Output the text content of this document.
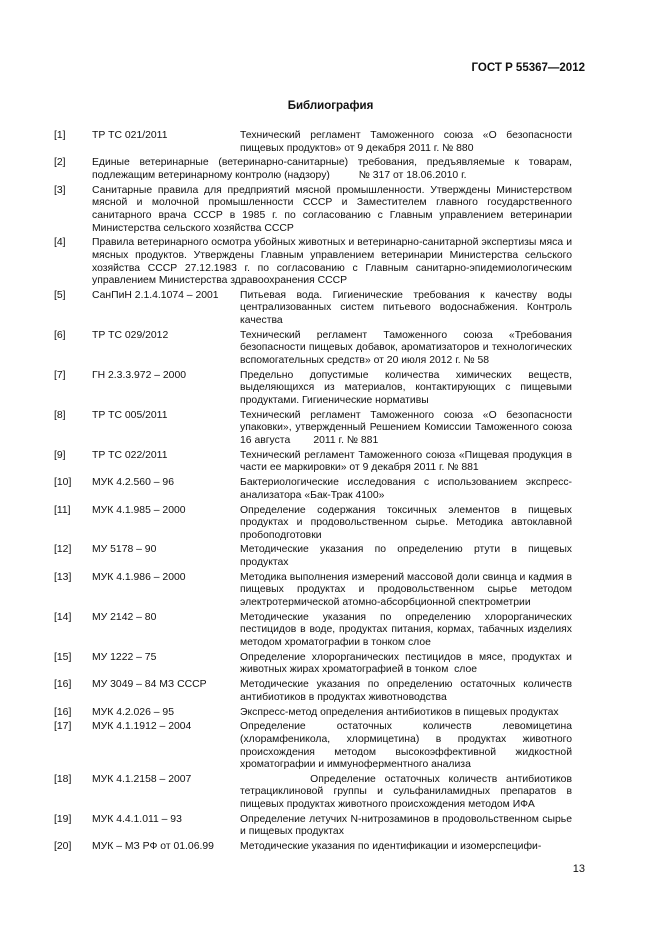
ГОСТ Р 55367—2012
Библиография
[1]	ТР ТС 021/2011	Технический регламент Таможенного союза «О безопасности пищевых продуктов» от 9 декабря 2011 г. № 880
[2]	Единые ветеринарные (ветеринарно-санитарные) требования, предъявляемые к товарам, подлежащим ветеринарному контролю (надзору)          № 317 от 18.06.2010 г.
[3]	Санитарные правила для предприятий мясной промышленности. Утверждены Министерством мясной и молочной промышленности СССР и Заместителем главного государственного санитарного врача СССР в 1985 г. по согласованию с Главным управлением ветеринарии Министерства сельского хозяйства СССР
[4]	Правила ветеринарного осмотра убойных животных и ветеринарно-санитарной экспертизы мяса и мясных продуктов. Утверждены Главным управлением ветеринарии Министерства сельского хозяйства СССР 27.12.1983 г. по согласованию с Главным санитарно-эпидемиологическим управлением Министерства здравоохранения СССР
[5]	СанПиН 2.1.4.1074 – 2001	Питьевая вода. Гигиенические требования к качеству воды централизованных систем питьевого водоснабжения. Контроль качества
[6]	ТР ТС 029/2012	Технический регламент Таможенного союза «Требования безопасности пищевых добавок, ароматизаторов и технологических вспомогательных средств» от 20 июля 2012 г. № 58
[7]	ГН 2.3.3.972 – 2000	Предельно допустимые количества химических веществ, выделяющихся из материалов, контактирующих с пищевыми продуктами. Гигиенические нормативы
[8]	ТР ТС 005/2011	Технический регламент Таможенного союза «О безопасности упаковки», утвержденный Решением Комиссии Таможенного союза 16 августа        2011 г. № 881
[9]	ТР ТС 022/2011	Технический регламент Таможенного союза «Пищевая продукция в части ее маркировки» от 9 декабря 2011 г. № 881
[10]	МУК 4.2.560 – 96	Бактериологические исследования с использованием экспресс-анализатора «Бак-Трак 4100»
[11]	МУК 4.1.985 – 2000	Определение содержания токсичных элементов в пищевых продуктах и продовольственном сырье. Методика автоклавной пробоподготовки
[12]	МУ 5178 – 90	Методические указания по определению ртути в пищевых продуктах
[13]	МУК 4.1.986 – 2000	Методика выполнения измерений массовой доли свинца и кадмия в пищевых продуктах и продовольственном сырье методом электротермической атомно-абсорбционной спектрометрии
[14]	МУ 2142 – 80	Методические указания по определению хлорорганических пестицидов в воде, продуктах питания, кормах, табачных изделиях методом хроматографии в тонком слое
[15]	МУ 1222 – 75	Определение хлорорганических пестицидов в мясе, продуктах и животных жирах хроматографией в тонком  слое
[16]	МУ 3049 – 84 МЗ СССР	Методические указания по определению остаточных количеств антибиотиков в продуктах животноводства
[16]	МУК 4.2.026 – 95	Экспресс-метод определения антибиотиков в пищевых продуктах
[17]	МУК 4.1.1912 – 2004	Определение остаточных количеств левомицетина (хлорамфеникола, хлормицетина) в продуктах животного происхождения методом высокоэффективной жидкостной хроматографии и иммуноферментного анализа
[18]	МУК 4.1.2158 – 2007	Определение остаточных количеств антибиотиков тетрациклиновой группы и сульфаниламидных препаратов в пищевых продуктах животного происхождения методом ИФА
[19]	МУК 4.4.1.011 – 93	Определение летучих N-нитрозаминов в продовольственном сырье и пищевых продуктах
[20]	МУК – МЗ РФ от 01.06.99	Методические указания по идентификации и изомерспецифи-
13
